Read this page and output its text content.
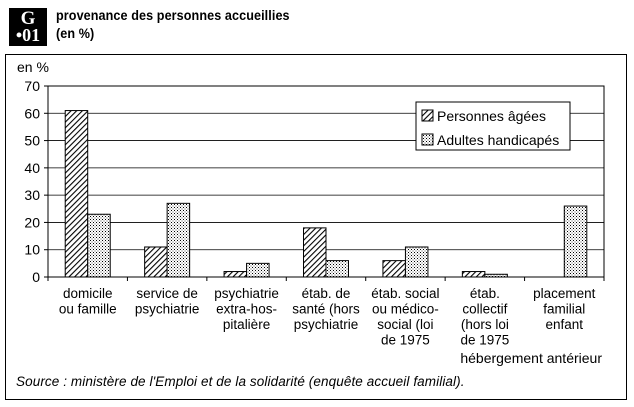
G
•01
provenance des personnes accueillies
(en %)
0
10
20
30
40
50
60
70
en %
domicile
ou famille
service de
psychiatrie
psychiatrie
extra-hos-
pitalière
étab. de
santé (hors
psychiatrie
étab. social
ou médico-
social (loi
de 1975
étab.
collectif
(hors loi
de 1975
placement
familial
enfant
hébergement antérieur
Personnes âgées
Adultes handicapés
Source : ministère de l'Emploi et de la solidarité (enquête accueil familial).
